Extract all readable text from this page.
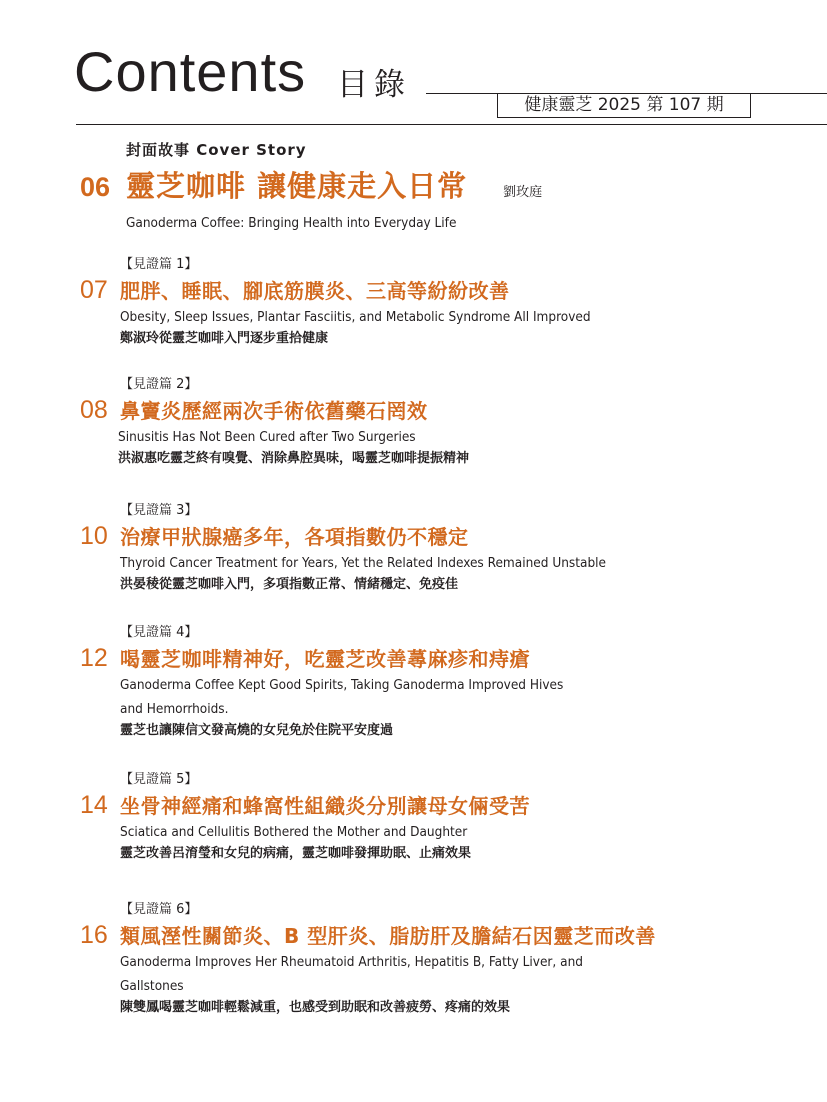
Contents 目錄
健康靈芝 2025 第 107 期
封面故事 Cover Story
06 靈芝咖啡 讓健康走入日常	劉玫庭
Ganoderma Coffee: Bringing Health into Everyday Life
【見證篇 1】
07 肥胖、睡眠、腳底筋膜炎、三高等紛紛改善
Obesity, Sleep Issues, Plantar Fasciitis, and Metabolic Syndrome All Improved
鄭淑玲從靈芝咖啡入門逐步重拾健康
【見證篇 2】
08 鼻竇炎歷經兩次手術依舊藥石罔效
Sinusitis Has Not Been Cured after Two Surgeries
洪淑惠吃靈芝終有嗅覺、消除鼻腔異味，喝靈芝咖啡提振精神
【見證篇 3】
10 治療甲狀腺癌多年，各項指數仍不穩定
Thyroid Cancer Treatment for Years, Yet the Related Indexes Remained Unstable
洪晏稜從靈芝咖啡入門，多項指數正常、情緒穩定、免疫佳
【見證篇 4】
12 喝靈芝咖啡精神好，吃靈芝改善蕁麻疹和痔瘡
Ganoderma Coffee Kept Good Spirits, Taking Ganoderma Improved Hives
and Hemorrhoids.
靈芝也讓陳信文發高燒的女兒免於住院平安度過
【見證篇 5】
14 坐骨神經痛和蜂窩性組織炎分別讓母女倆受苦
Sciatica and Cellulitis Bothered the Mother and Daughter
靈芝改善呂淯瑩和女兒的病痛，靈芝咖啡發揮助眠、止痛效果
【見證篇 6】
16 類風溼性關節炎、B 型肝炎、脂肪肝及膽結石因靈芝而改善
Ganoderma Improves Her Rheumatoid Arthritis, Hepatitis B, Fatty Liver, and
Gallstones
陳雙鳳喝靈芝咖啡輕鬆減重，也感受到助眠和改善疲勞、疼痛的效果
